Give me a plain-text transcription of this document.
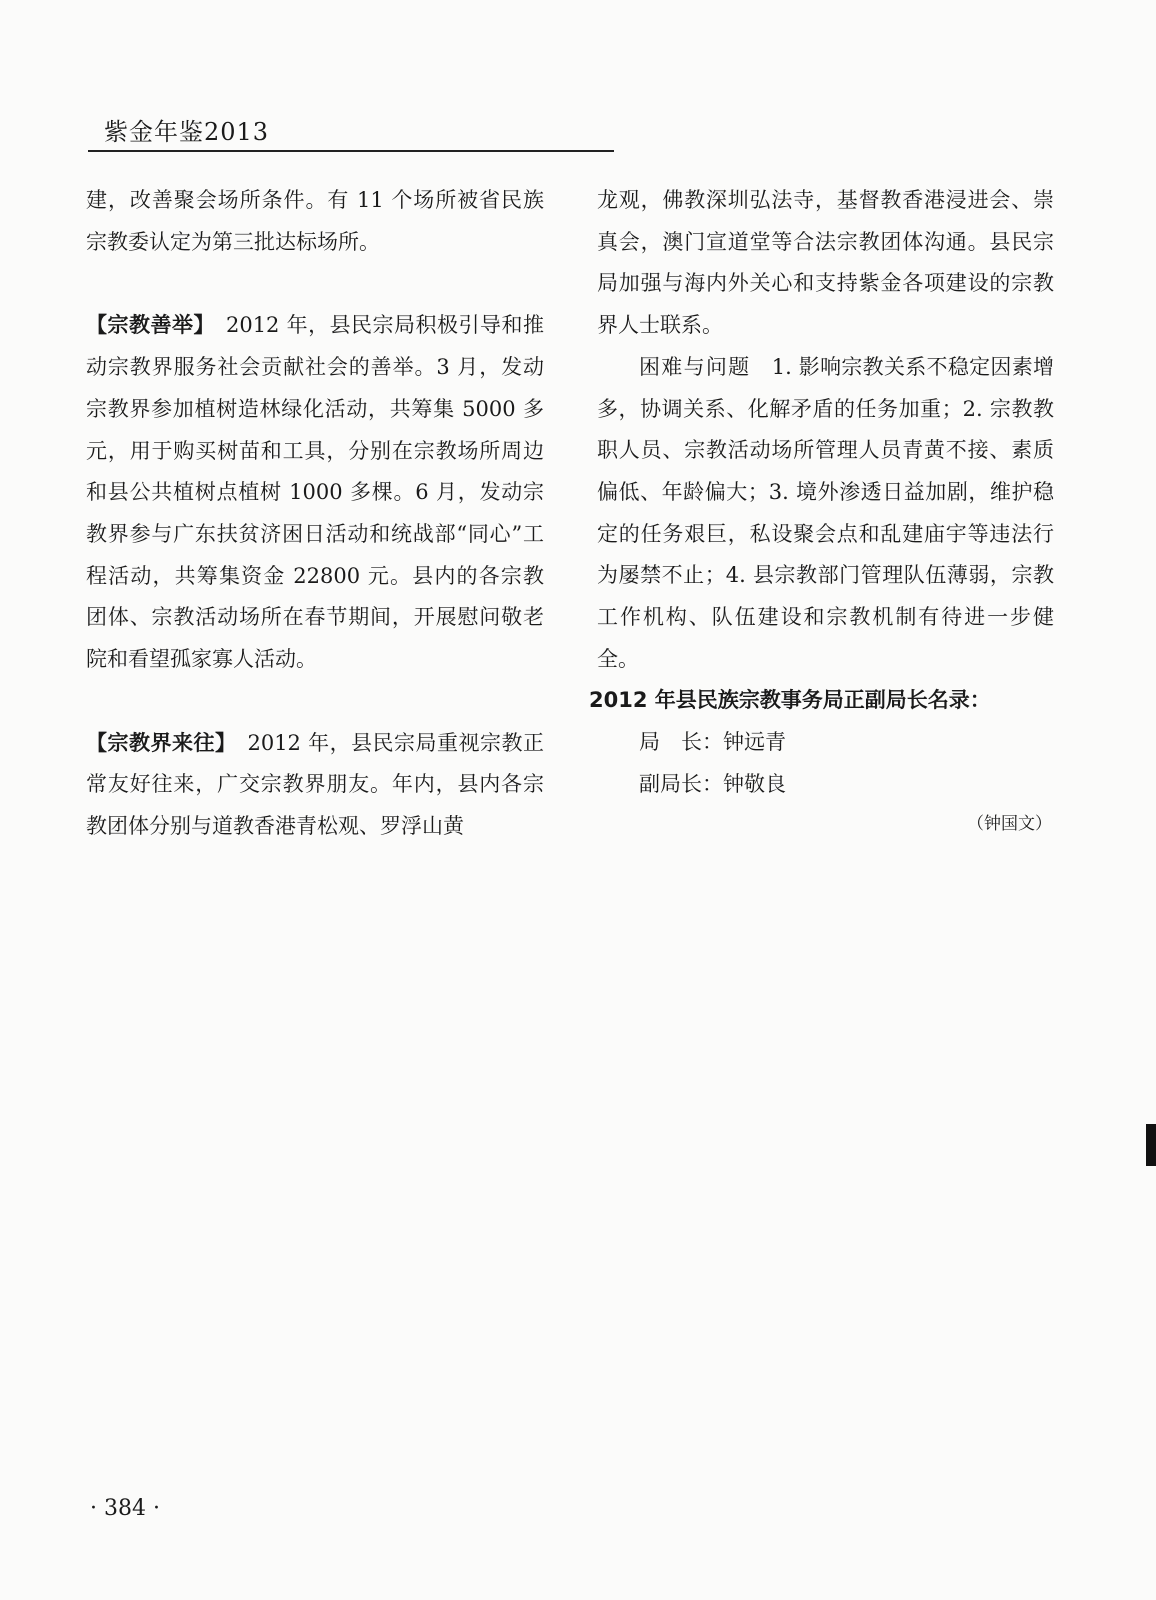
紫金年鉴2013

建，改善聚会场所条件。有 11 个场所被省民族宗教委认定为第三批达标场所。

【宗教善举】　 2012 年，县民宗局积极引导和推动宗教界服务社会贡献社会的善举。3 月，发动宗教界参加植树造林绿化活动，共筹集 5000 多元，用于购买树苗和工具，分别在宗教场所周边和县公共植树点植树 1000 多棵。6 月，发动宗教界参与广东扶贫济困日活动和统战部“同心”工程活动，共筹集资金 22800 元。县内的各宗教团体、宗教活动场所在春节期间，开展慰问敬老院和看望孤家寡人活动。

【宗教界来往】　 2012 年，县民宗局重视宗教正常友好往来，广交宗教界朋友。年内，县内各宗教团体分别与道教香港青松观、罗浮山黄

龙观，佛教深圳弘法寺，基督教香港浸进会、崇真会，澳门宣道堂等合法宗教团体沟通。县民宗局加强与海内外关心和支持紫金各项建设的宗教界人士联系。

困难与问题　 1. 影响宗教关系不稳定因素增多，协调关系、化解矛盾的任务加重；2. 宗教教职人员、宗教活动场所管理人员青黄不接、素质偏低、年龄偏大；3. 境外渗透日益加剧，维护稳定的任务艰巨，私设聚会点和乱建庙宇等违法行为屡禁不止；4. 县宗教部门管理队伍薄弱，宗教工作机构、队伍建设和宗教机制有待进一步健全。

2012 年县民族宗教事务局正副局长名录：

局　长：钟远青

副局长：钟敬良

（钟国文）

· 384 ·
